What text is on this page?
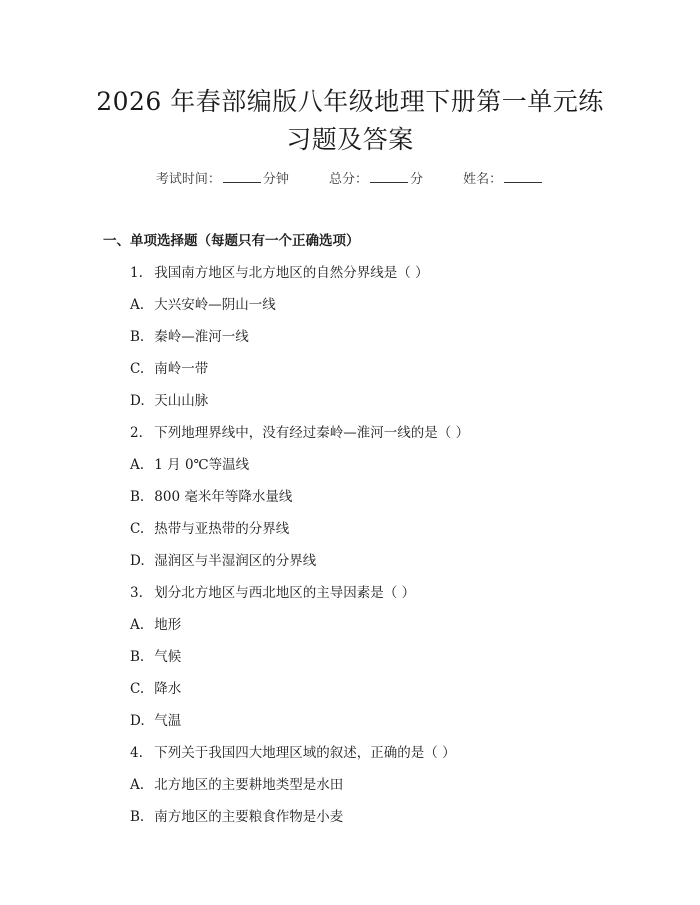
2026 年春部编版八年级地理下册第一单元练
习题及答案
考试时间：	分钟	总分：	分	姓名：
一、单项选择题（每题只有一个正确选项）
1. 我国南方地区与北方地区的自然分界线是（ ）
A. 大兴安岭—阴山一线
B. 秦岭—淮河一线
C. 南岭一带
D. 天山山脉
2. 下列地理界线中，没有经过秦岭—淮河一线的是（ ）
A. 1 月 0℃等温线
B. 800 毫米年等降水量线
C. 热带与亚热带的分界线
D. 湿润区与半湿润区的分界线
3. 划分北方地区与西北地区的主导因素是（ ）
A. 地形
B. 气候
C. 降水
D. 气温
4. 下列关于我国四大地理区域的叙述，正确的是（ ）
A. 北方地区的主要耕地类型是水田
B. 南方地区的主要粮食作物是小麦
